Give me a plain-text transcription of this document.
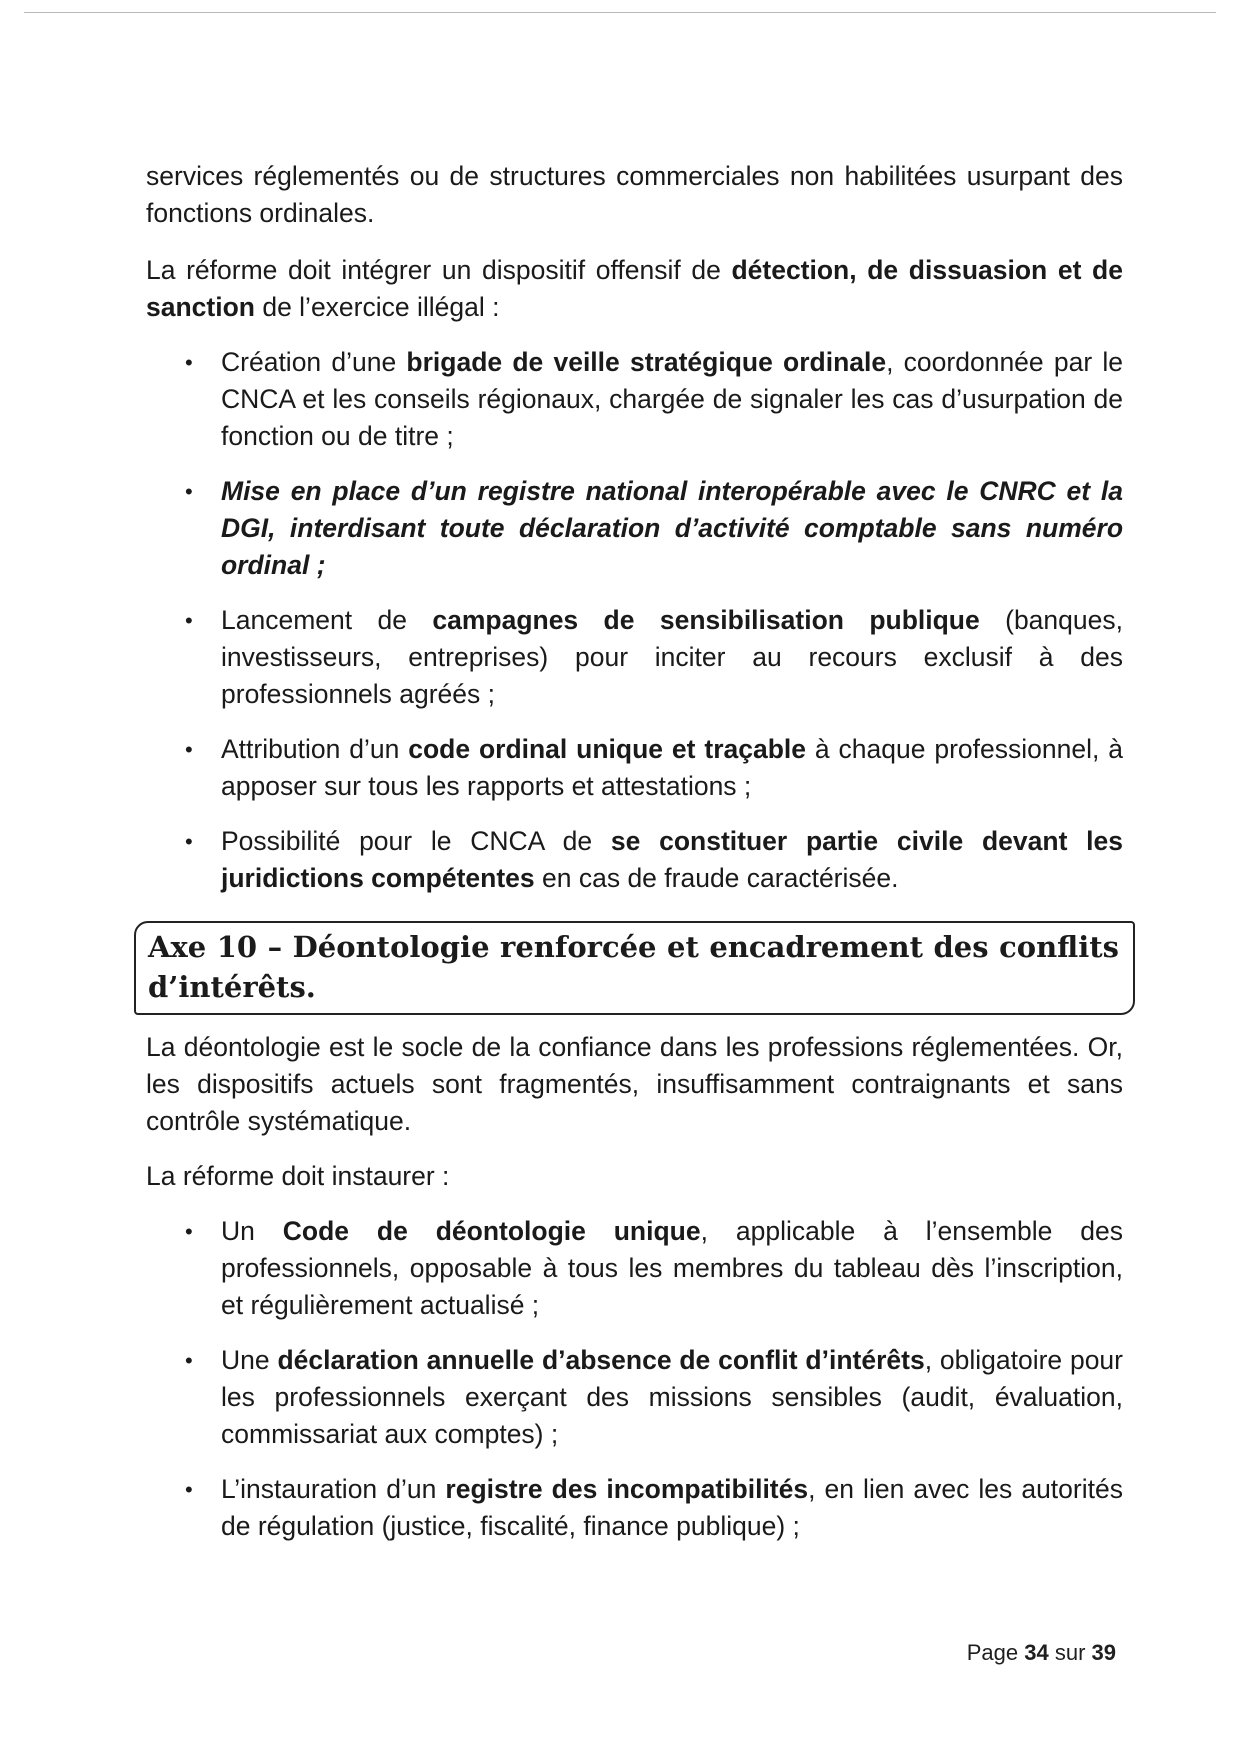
services réglementés ou de structures commerciales non habilitées usurpant des fonctions ordinales.

La réforme doit intégrer un dispositif offensif de détection, de dissuasion et de sanction de l’exercice illégal :

• Création d’une brigade de veille stratégique ordinale, coordonnée par le CNCA et les conseils régionaux, chargée de signaler les cas d’usurpation de fonction ou de titre ;
• Mise en place d’un registre national interopérable avec le CNRC et la DGI, interdisant toute déclaration d’activité comptable sans numéro ordinal ;
• Lancement de campagnes de sensibilisation publique (banques, investisseurs, entreprises) pour inciter au recours exclusif à des professionnels agréés ;
• Attribution d’un code ordinal unique et traçable à chaque professionnel, à apposer sur tous les rapports et attestations ;
• Possibilité pour le CNCA de se constituer partie civile devant les juridictions compétentes en cas de fraude caractérisée.
Axe 10 – Déontologie renforcée et encadrement des conflits d’intérêts.

La déontologie est le socle de la confiance dans les professions réglementées. Or, les dispositifs actuels sont fragmentés, insuffisamment contraignants et sans contrôle systématique.

La réforme doit instaurer :

• Un Code de déontologie unique, applicable à l’ensemble des professionnels, opposable à tous les membres du tableau dès l’inscription, et régulièrement actualisé ;
• Une déclaration annuelle d’absence de conflit d’intérêts, obligatoire pour les professionnels exerçant des missions sensibles (audit, évaluation, commissariat aux comptes) ;
• L’instauration d’un registre des incompatibilités, en lien avec les autorités de régulation (justice, fiscalité, finance publique) ;
Page 34 sur 39
